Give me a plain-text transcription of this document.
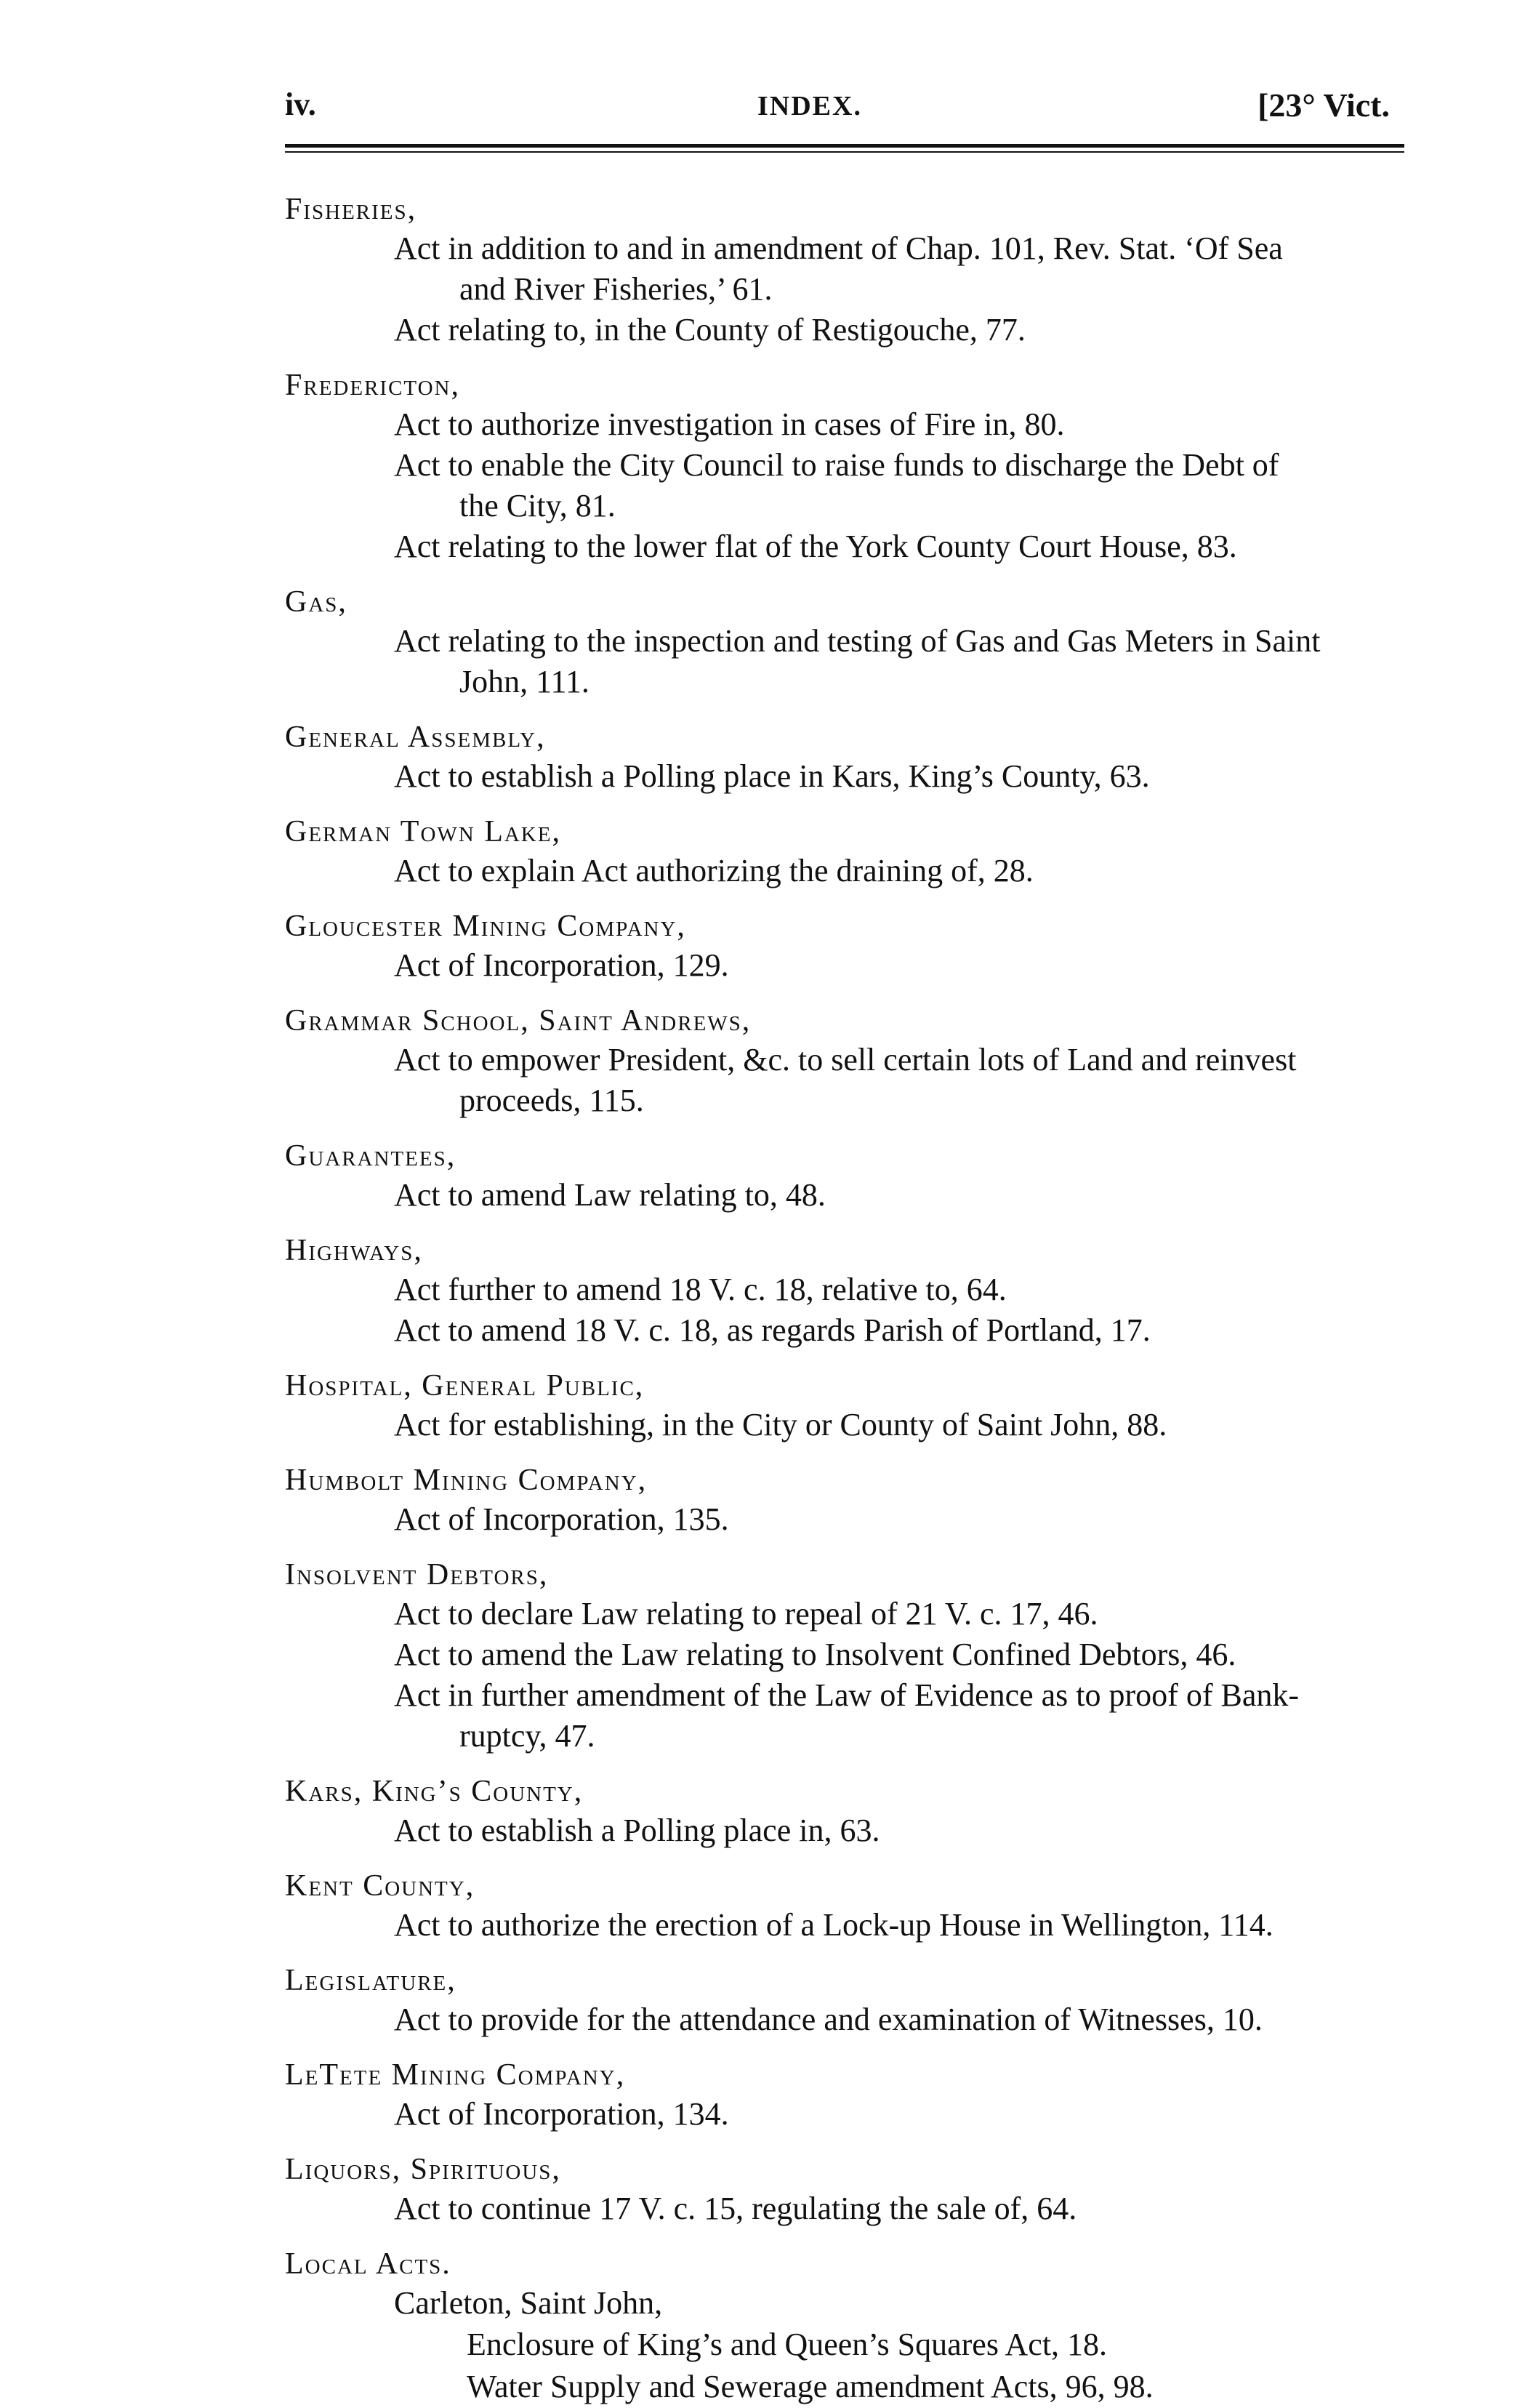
iv.	INDEX.	[23° Vict.
Fisheries,
Act in addition to and in amendment of Chap. 101, Rev. Stat. ‘Of Sea
and River Fisheries,’ 61.
Act relating to, in the County of Restigouche, 77.
Fredericton,
Act to authorize investigation in cases of Fire in, 80.
Act to enable the City Council to raise funds to discharge the Debt of
the City, 81.
Act relating to the lower flat of the York County Court House, 83.
Gas,
Act relating to the inspection and testing of Gas and Gas Meters in Saint
John, 111.
General Assembly,
Act to establish a Polling place in Kars, King’s County, 63.
German Town Lake,
Act to explain Act authorizing the draining of, 28.
Gloucester Mining Company,
Act of Incorporation, 129.
Grammar School, Saint Andrews,
Act to empower President, &c. to sell certain lots of Land and reinvest
proceeds, 115.
Guarantees,
Act to amend Law relating to, 48.
Highways,
Act further to amend 18 V. c. 18, relative to, 64.
Act to amend 18 V. c. 18, as regards Parish of Portland, 17.
Hospital, General Public,
Act for establishing, in the City or County of Saint John, 88.
Humbolt Mining Company,
Act of Incorporation, 135.
Insolvent Debtors,
Act to declare Law relating to repeal of 21 V. c. 17, 46.
Act to amend the Law relating to Insolvent Confined Debtors, 46.
Act in further amendment of the Law of Evidence as to proof of Bank-
ruptcy, 47.
Kars, King’s County,
Act to establish a Polling place in, 63.
Kent County,
Act to authorize the erection of a Lock-up House in Wellington, 114.
Legislature,
Act to provide for the attendance and examination of Witnesses, 10.
LeTete Mining Company,
Act of Incorporation, 134.
Liquors, Spirituous,
Act to continue 17 V. c. 15, regulating the sale of, 64.
Local Acts.
Carleton, Saint John,
Enclosure of King’s and Queen’s Squares Act, 18.
Water Supply and Sewerage amendment Acts, 96, 98.
